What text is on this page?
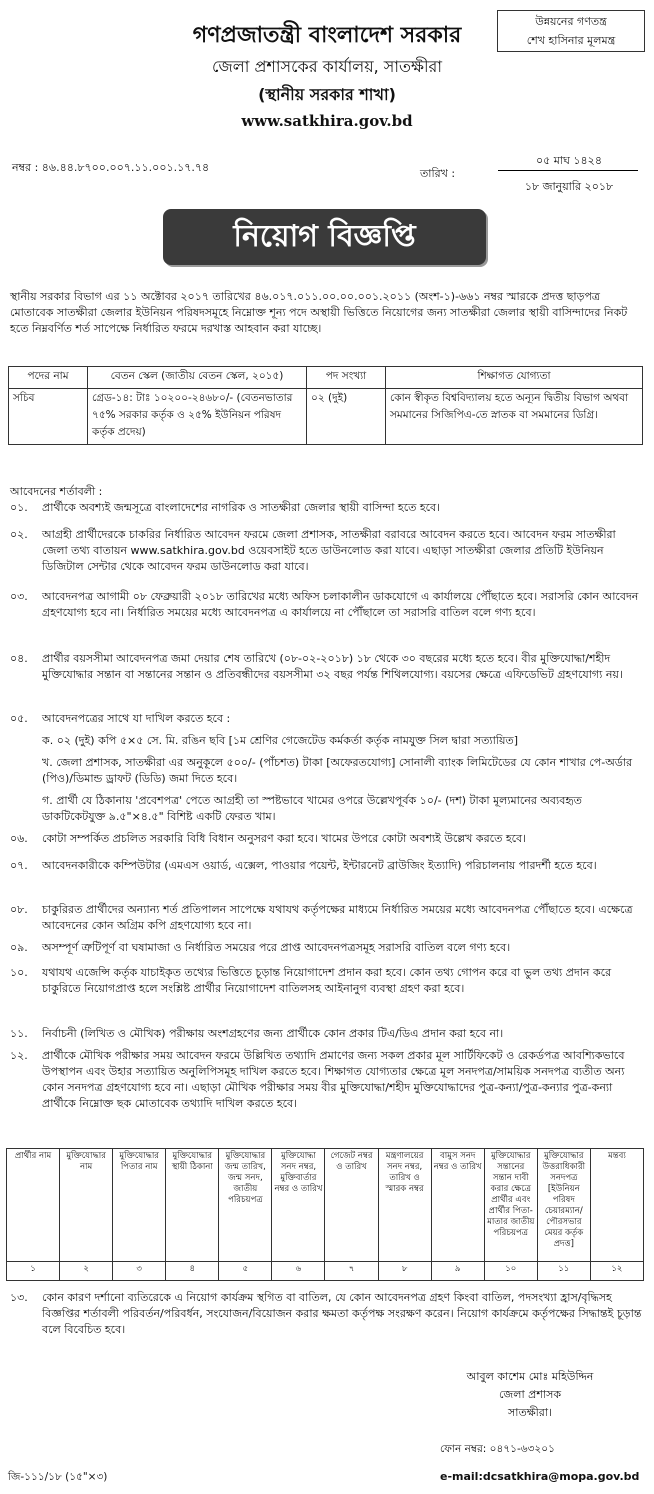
গণপ্রজাতন্ত্রী বাংলাদেশ সরকার
জেলা প্রশাসকের কার্যালয়, সাতক্ষীরা
(স্থানীয় সরকার শাখা)
www.satkhira.gov.bd
উন্নয়নের গণতন্ত্র
শেখ হাসিনার মূলমন্ত্র
নম্বর : ৪৬.৪৪.৮৭০০.০০৭.১১.০০১.১৭.৭৪	তারিখ :
০৫ মাঘ ১৪২৪
১৮ জানুয়ারি ২০১৮
নিয়োগ বিজ্ঞপ্তি
স্থানীয় সরকার বিভাগ এর ১১ অক্টোবর ২০১৭ তারিখের ৪৬.০১৭.০১১.০০.০০.০০১.২০১১ (অংশ-১)-৬৬১ নম্বর স্মারকে প্রদত্ত ছাড়পত্র মোতাবেক সাতক্ষীরা জেলার ইউনিয়ন পরিষদসমূহে নিম্নোক্ত শূন্য পদে অস্থায়ী ভিত্তিতে নিয়োগের জন্য সাতক্ষীরা জেলার স্থায়ী বাসিন্দাদের নিকট হতে নিম্নবর্ণিত শর্ত সাপেক্ষে নির্ধারিত ফরমে দরখাস্ত আহবান করা যাচ্ছে।
পদের নাম	বেতন স্কেল (জাতীয় বেতন স্কেল, ২০১৫)	পদ সংখ্যা	শিক্ষাগত যোগ্যতা
সচিব	গ্রেড-১৪: টাঃ ১০২০০-২৪৬৮০/- (বেতনভাতার ৭৫% সরকার কর্তৃক ও ২৫% ইউনিয়ন পরিষদ কর্তৃক প্রদেয়)	০২ (দুই)	কোন স্বীকৃত বিশ্ববিদ্যালয় হতে অন্যূন দ্বিতীয় বিভাগ অথবা সমমানের সিজিপিএ-তে স্নাতক বা সমমানের ডিগ্রি।
আবেদনের শর্তাবলী :
০১. প্রার্থীকে অবশ্যই জন্মসূত্রে বাংলাদেশের নাগরিক ও সাতক্ষীরা জেলার স্থায়ী বাসিন্দা হতে হবে।
০২. আগ্রহী প্রার্থীদেরকে চাকরির নির্ধারিত আবেদন ফরমে জেলা প্রশাসক, সাতক্ষীরা বরাবরে আবেদন করতে হবে। আবেদন ফরম সাতক্ষীরা জেলা তথ্য বাতায়ন www.satkhira.gov.bd ওয়েবসাইট হতে ডাউনলোড করা যাবে। এছাড়া সাতক্ষীরা জেলার প্রতিটি ইউনিয়ন ডিজিটাল সেন্টার থেকে আবেদন ফরম ডাউনলোড করা যাবে।
০৩. আবেদনপত্র আগামী ০৮ ফেব্রুয়ারী ২০১৮ তারিখের মধ্যে অফিস চলাকালীন ডাকযোগে এ কার্যালয়ে পৌঁছাতে হবে। সরাসরি কোন আবেদন গ্রহণযোগ্য হবে না। নির্ধারিত সময়ের মধ্যে আবেদনপত্র এ কার্যালয়ে না পৌঁছালে তা সরাসরি বাতিল বলে গণ্য হবে।
০৪. প্রার্থীর বয়সসীমা আবেদনপত্র জমা দেয়ার শেষ তারিখে (০৮-০২-২০১৮) ১৮ থেকে ৩০ বছরের মধ্যে হতে হবে। বীর মুক্তিযোদ্ধা/শহীদ মুক্তিযোদ্ধার সন্তান বা সন্তানের সন্তান ও প্রতিবন্ধীদের বয়সসীমা ৩২ বছর পর্যন্ত শিথিলযোগ্য। বয়সের ক্ষেত্রে এফিডেভিট গ্রহণযোগ্য নয়।
০৫. আবেদনপত্রের সাথে যা দাখিল করতে হবে :
ক. ০২ (দুই) কপি ৫×৫ সে. মি. রঙিন ছবি [১ম শ্রেণির গেজেটেড কর্মকর্তা কর্তৃক নামযুক্ত সিল দ্বারা সত্যায়িত]
খ. জেলা প্রশাসক, সাতক্ষীরা এর অনুকূলে ৫০০/- (পাঁচশত) টাকা [অফেরতযোগ্য] সোনালী ব্যাংক লিমিটেডের যে কোন শাখার পে-অর্ডার (পিও)/ডিমান্ড ড্রাফট (ডিডি) জমা দিতে হবে।
গ. প্রার্থী যে ঠিকানায় 'প্রবেশপত্র' পেতে আগ্রহী তা স্পষ্টভাবে খামের ওপরে উল্লেখপূর্বক ১০/- (দশ) টাকা মূল্যমানের অব্যবহৃত ডাকটিকেটযুক্ত ৯.৫"×৪.৫" বিশিষ্ট একটি ফেরত খাম।
০৬. কোটা সম্পর্কিত প্রচলিত সরকারি বিধি বিধান অনুসরণ করা হবে। খামের উপরে কোটা অবশ্যই উল্লেখ করতে হবে।
০৭. আবেদনকারীকে কম্পিউটার (এমএস ওয়ার্ড, এক্সেল, পাওয়ার পয়েন্ট, ইন্টারনেট ব্রাউজিং ইত্যাদি) পরিচালনায় পারদর্শী হতে হবে।
০৮. চাকুরিরত প্রার্থীদের অন্যান্য শর্ত প্রতিপালন সাপেক্ষে যথাযথ কর্তৃপক্ষের মাধ্যমে নির্ধারিত সময়ের মধ্যে আবেদনপত্র পৌঁছাতে হবে। এক্ষেত্রে আবেদনের কোন অগ্রিম কপি গ্রহণযোগ্য হবে না।
০৯. অসম্পূর্ণ ত্রুটিপূর্ণ বা ঘষামাজা ও নির্ধারিত সময়ের পরে প্রাপ্ত আবেদনপত্রসমূহ সরাসরি বাতিল বলে গণ্য হবে।
১০. যথাযথ এজেন্সি কর্তৃক যাচাইকৃত তথ্যের ভিত্তিতে চূড়ান্ত নিয়োগাদেশ প্রদান করা হবে। কোন তথ্য গোপন করে বা ভুল তথ্য প্রদান করে চাকুরিতে নিয়োগপ্রাপ্ত হলে সংশ্লিষ্ট প্রার্থীর নিয়োগাদেশ বাতিলসহ আইনানুগ ব্যবস্থা গ্রহণ করা হবে।
১১. নির্বাচনী (লিখিত ও মৌখিক) পরীক্ষায় অংশগ্রহণের জন্য প্রার্থীকে কোন প্রকার টিএ/ডিএ প্রদান করা হবে না।
১২. প্রার্থীকে মৌখিক পরীক্ষার সময় আবেদন ফরমে উল্লিখিত তথ্যাদি প্রমাণের জন্য সকল প্রকার মূল সার্টিফিকেট ও রেকর্ডপত্র আবশ্যিকভাবে উপস্থাপন এবং উহার সত্যায়িত অনুলিপিসমূহ দাখিল করতে হবে। শিক্ষাগত যোগ্যতার ক্ষেত্রে মূল সনদপত্র/সাময়িক সনদপত্র ব্যতীত অন্য কোন সনদপত্র গ্রহণযোগ্য হবে না। এছাড়া মৌখিক পরীক্ষার সময় বীর মুক্তিযোদ্ধা/শহীদ মুক্তিযোদ্ধাদের পুত্র-কন্যা/পুত্র-কন্যার পুত্র-কন্যা প্রার্থীকে নিম্নোক্ত ছক মোতাবেক তথ্যাদি দাখিল করতে হবে।
প্রার্থীর নাম	মুক্তিযোদ্ধার নাম	মুক্তিযোদ্ধার পিতার নাম	মুক্তিযোদ্ধার স্থায়ী ঠিকানা	মুক্তিযোদ্ধার জন্ম তারিখ, জন্ম সনদ, জাতীয় পরিচয়পত্র	মুক্তিযোদ্ধা সনদ নম্বর, মুক্তিবার্তার নম্বর ও তারিখ	গেজেট নম্বর ও তারিখ	মন্ত্রণালয়ের সনদ নম্বর, তারিখ ও স্মারক নম্বর	বামুস সনদ নম্বর ও তারিখ	মুক্তিযোদ্ধার সন্তানের সন্তান দাবী করার ক্ষেত্রে প্রার্থীর এবং প্রার্থীর পিতা-মাতার জাতীয় পরিচয়পত্র	মুক্তিযোদ্ধার উত্তরাধিকারী সনদপত্র [ইউনিয়ন পরিষদ চেয়ারম্যান/ পৌরসভার মেয়র কর্তৃক প্রদত্ত]	মন্তব্য
১	২	৩	৪	৫	৬	৭	৮	৯	১০	১১	১২
১৩. কোন কারণ দর্শানো ব্যতিরেকে এ নিয়োগ কার্যক্রম স্থগিত বা বাতিল, যে কোন আবেদনপত্র গ্রহণ কিংবা বাতিল, পদসংখ্যা হ্রাস/বৃদ্ধিসহ বিজ্ঞপ্তির শর্তাবলী পরিবর্তন/পরিবর্ধন, সংযোজন/বিয়োজন করার ক্ষমতা কর্তৃপক্ষ সংরক্ষণ করেন। নিয়োগ কার্যক্রমে কর্তৃপক্ষের সিদ্ধান্তই চূড়ান্ত বলে বিবেচিত হবে।
আবুল কাশেম মোঃ মহিউদ্দিন
জেলা প্রশাসক
সাতক্ষীরা।
ফোন নম্বর: ০৪৭১-৬৩২০১
জি-১১১/১৮ (১৫"×৩)	e-mail:dcsatkhira@mopa.gov.bd
